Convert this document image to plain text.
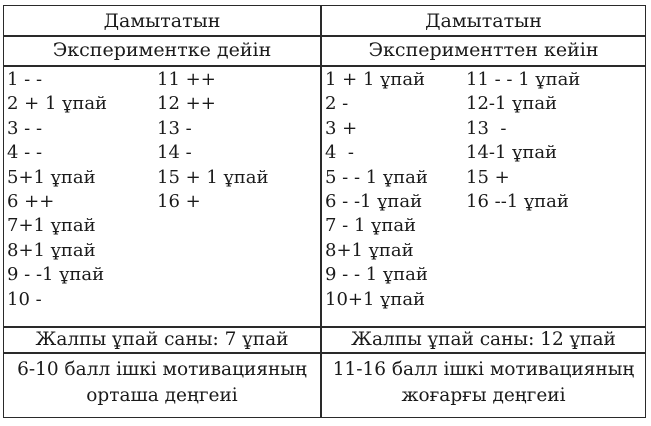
Дамытатын
Экспериментке дейін
1 - -
2 + 1 ұпай
3 - -
4 - -
5+1 ұпай
6 ++
7+1 ұпай
8+1 ұпай
9 - -1 ұпай
10 -
11 ++
12 ++
13 -
14 -
15 + 1 ұпай
16 +
Жалпы ұпай саны: 7 ұпай
6-10 балл ішкі мотивацияның
орташа деңгеиі
Дамытатын
Эксперименттен кейін
1 + 1 ұпай
2 -
3 +
4  -
5 - - 1 ұпай
6 - -1 ұпай
7 - 1 ұпай
8+1 ұпай
9 - - 1 ұпай
10+1 ұпай
11 - - 1 ұпай
12-1 ұпай
13  -
14-1 ұпай
15 +
16 --1 ұпай
Жалпы ұпай саны: 12 ұпай
11-16 балл ішкі мотивацияның
жоғарғы деңгеиі
